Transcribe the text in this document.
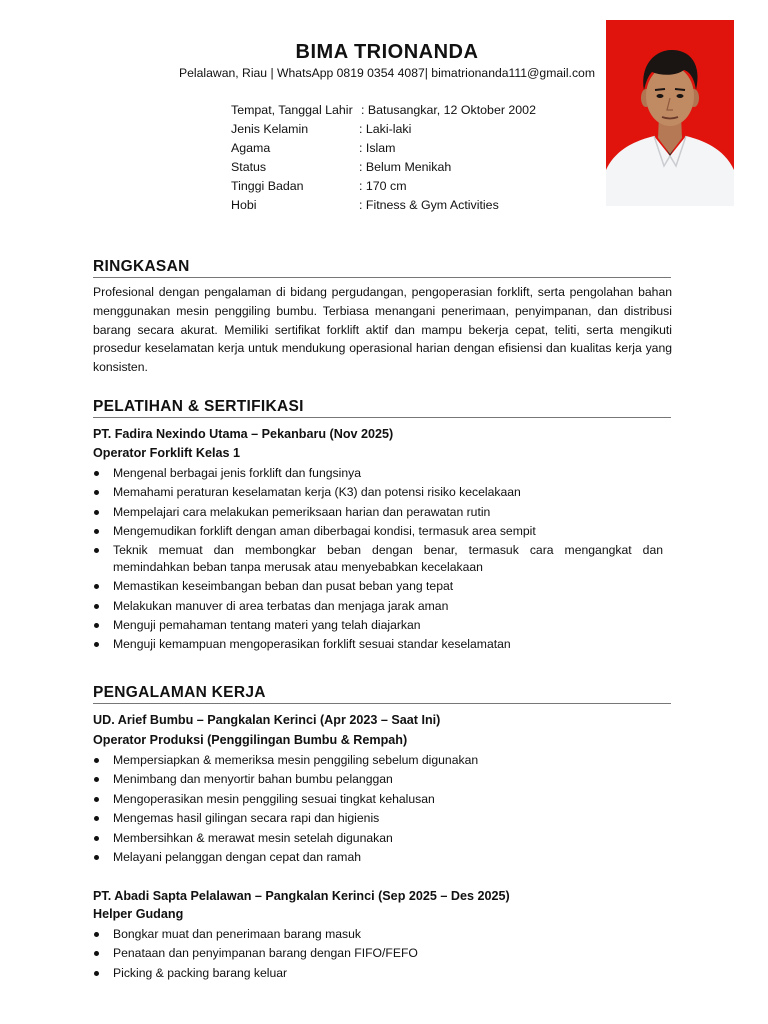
BIMA TRIONANDA
Pelalawan, Riau | WhatsApp 0819 0354 4087| bimatrionanda111@gmail.com
Tempat, Tanggal Lahir : Batusangkar, 12 Oktober 2002
Jenis Kelamin	: Laki-laki
Agama	: Islam
Status	: Belum Menikah
Tinggi Badan	: 170 cm
Hobi	: Fitness & Gym Activities
RINGKASAN
Profesional dengan pengalaman di bidang pergudangan, pengoperasian forklift, serta pengolahan bahan menggunakan mesin penggiling bumbu. Terbiasa menangani penerimaan, penyimpanan, dan distribusi barang secara akurat. Memiliki sertifikat forklift aktif dan mampu bekerja cepat, teliti, serta mengikuti prosedur keselamatan kerja untuk mendukung operasional harian dengan efisiensi dan kualitas kerja yang konsisten.
PELATIHAN & SERTIFIKASI
PT. Fadira Nexindo Utama – Pekanbaru (Nov 2025)
Operator Forklift Kelas 1
Mengenal berbagai jenis forklift dan fungsinya
Memahami peraturan keselamatan kerja (K3) dan potensi risiko kecelakaan
Mempelajari cara melakukan pemeriksaan harian dan perawatan rutin
Mengemudikan forklift dengan aman diberbagai kondisi, termasuk area sempit
Teknik memuat dan membongkar beban dengan benar, termasuk cara mengangkat dan memindahkan beban tanpa merusak atau menyebabkan kecelakaan
Memastikan keseimbangan beban dan pusat beban yang tepat
Melakukan manuver di area terbatas dan menjaga jarak aman
Menguji pemahaman tentang materi yang telah diajarkan
Menguji kemampuan mengoperasikan forklift sesuai standar keselamatan
PENGALAMAN KERJA
UD. Arief Bumbu – Pangkalan Kerinci (Apr 2023 – Saat Ini)
Operator Produksi (Penggilingan Bumbu & Rempah)
Mempersiapkan & memeriksa mesin penggiling sebelum digunakan
Menimbang dan menyortir bahan bumbu pelanggan
Mengoperasikan mesin penggiling sesuai tingkat kehalusan
Mengemas hasil gilingan secara rapi dan higienis
Membersihkan & merawat mesin setelah digunakan
Melayani pelanggan dengan cepat dan ramah
PT. Abadi Sapta Pelalawan – Pangkalan Kerinci (Sep 2025 – Des 2025)
Helper Gudang
Bongkar muat dan penerimaan barang masuk
Penataan dan penyimpanan barang dengan FIFO/FEFO
Picking & packing barang keluar
